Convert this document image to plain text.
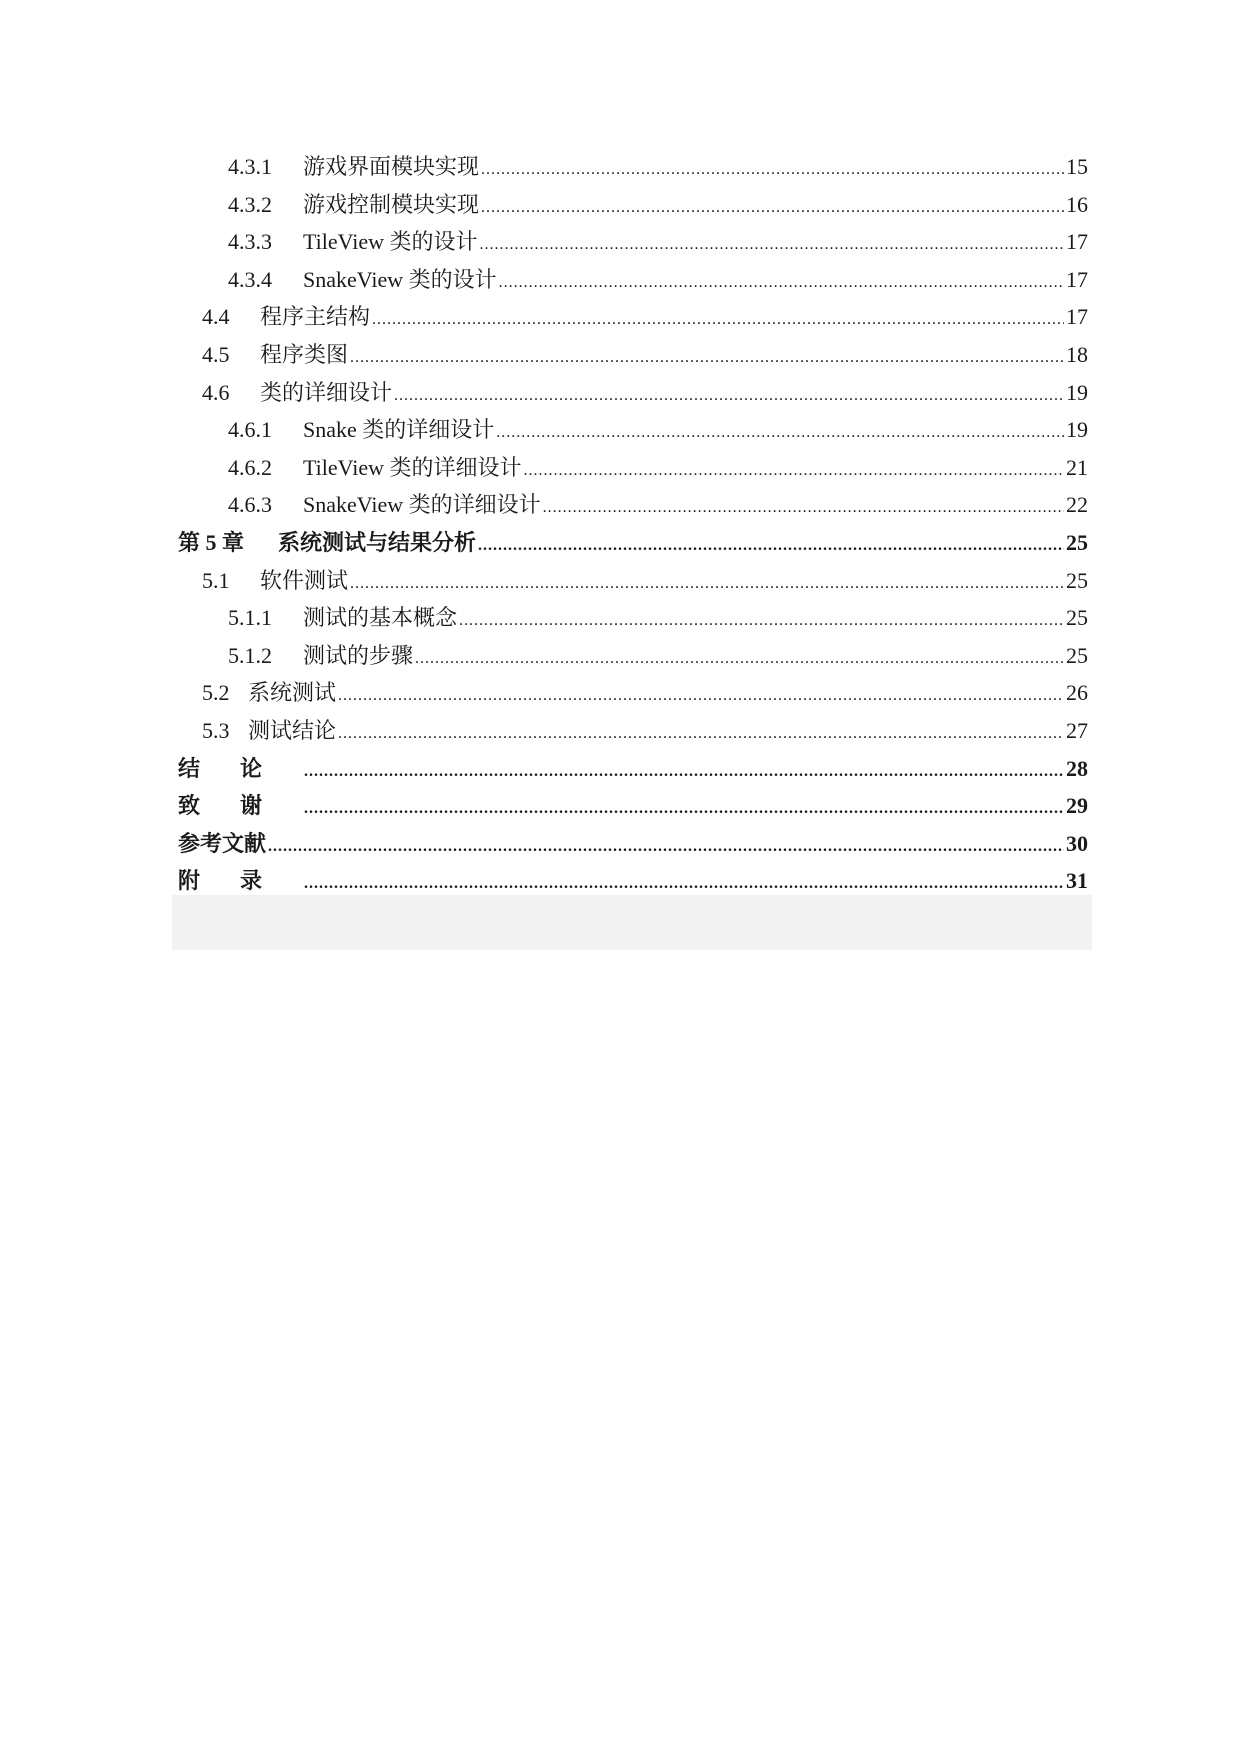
4.3.1	游戏界面模块实现 .....	15
4.3.2	游戏控制模块实现 .....	16
4.3.3	TileView 类的设计 .....	17
4.3.4	SnakeView 类的设计 .....	17
4.4	程序主结构 .....	17
4.5	程序类图 .....	18
4.6	类的详细设计 .....	19
4.6.1	Snake 类的详细设计 .....	19
4.6.2	TileView 类的详细设计 .....	21
4.6.3	SnakeView 类的详细设计 .....	22
第 5 章	系统测试与结果分析 .....	25
5.1	软件测试 .....	25
5.1.1	测试的基本概念 .....	25
5.1.2	测试的步骤 .....	25
5.2 系统测试 .....	26
5.3 测试结论 .....	27
结论 .....	28
致谢 .....	29
参考文献 .....	30
附录 .....	31
